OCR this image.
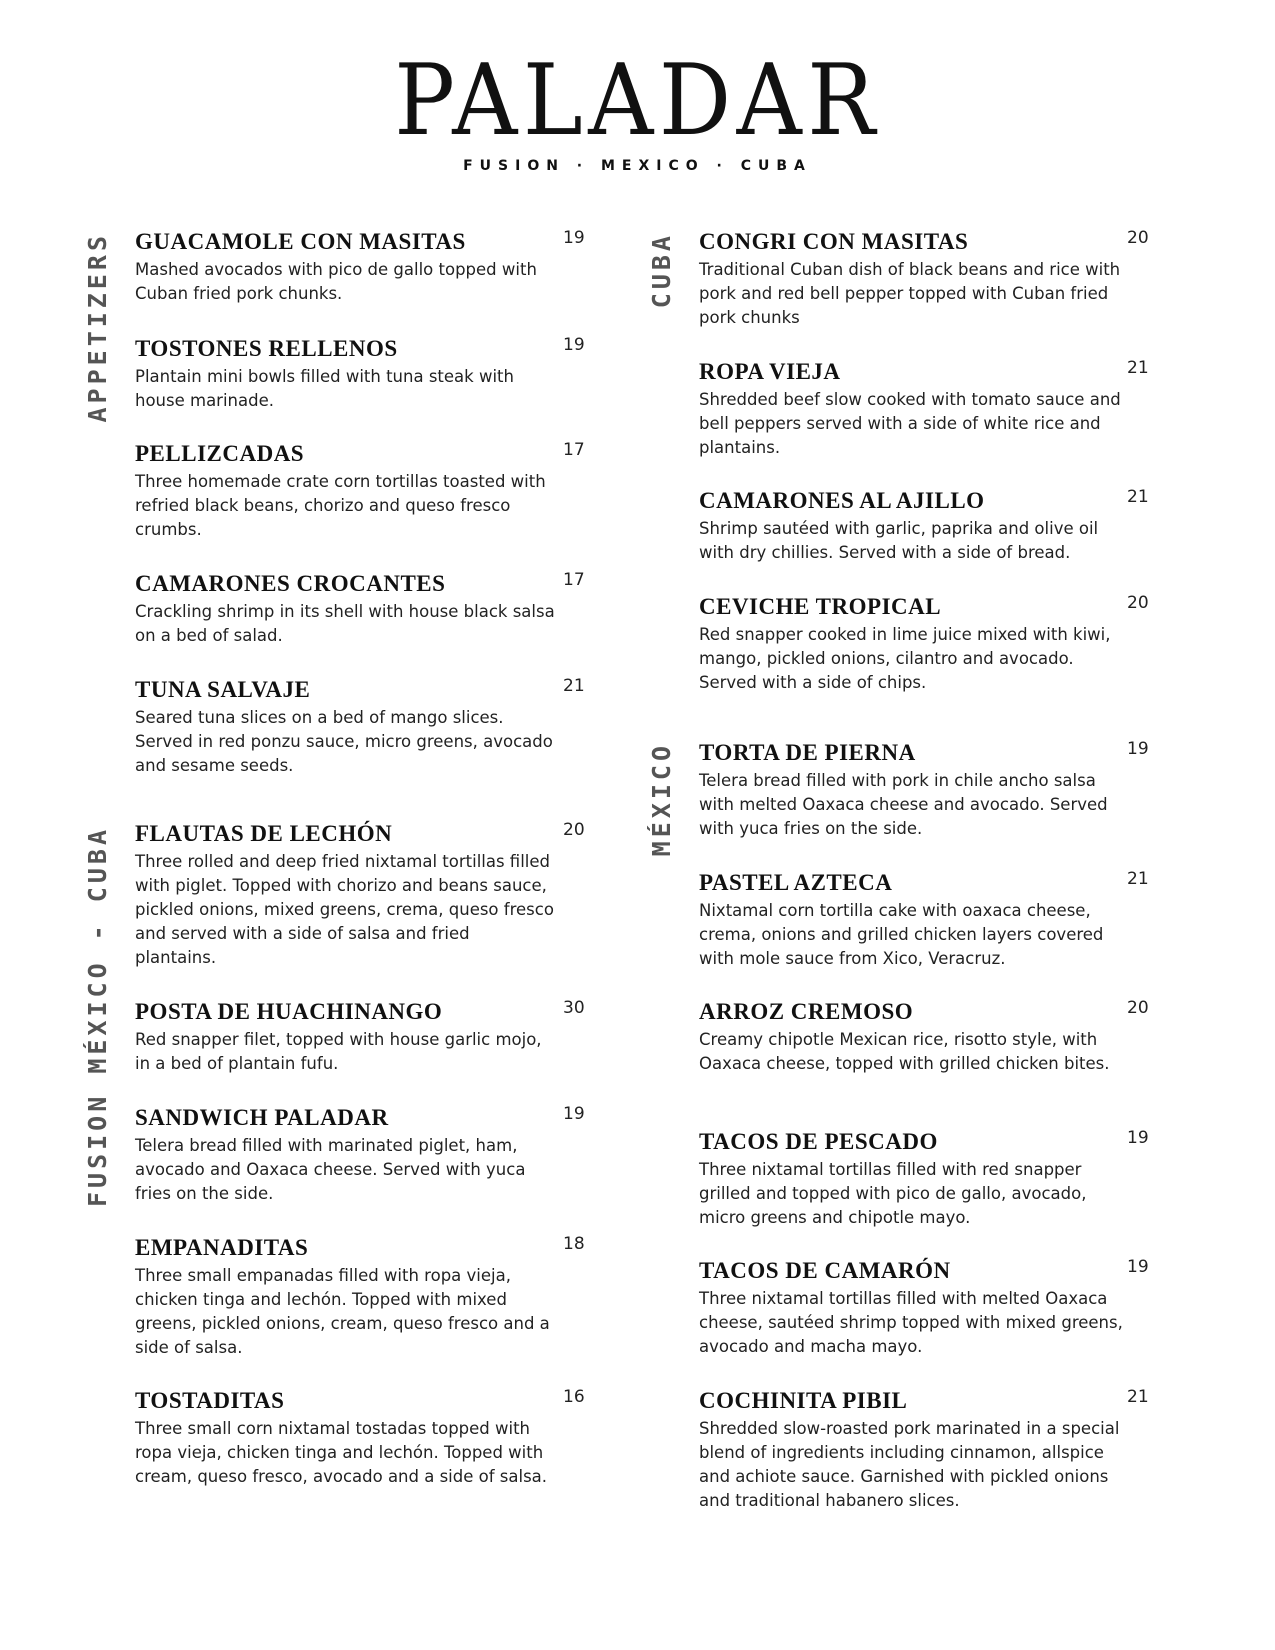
PALADAR
FUSION · MEXICO · CUBA
APPETIZERS
FUSION MÉXICO - CUBA
CUBA
MÉXICO
GUACAMOLE CON MASITAS
Mashed avocados with pico de gallo topped with Cuban fried pork chunks.
19
TOSTONES RELLENOS
Plantain mini bowls filled with tuna steak with house marinade.
19
PELLIZCADAS
Three homemade crate corn tortillas toasted with refried black beans, chorizo and queso fresco crumbs.
17
CAMARONES CROCANTES
Crackling shrimp in its shell with house black salsa on a bed of salad.
17
TUNA SALVAJE
Seared tuna slices on a bed of mango slices. Served in red ponzu sauce, micro greens, avocado and sesame seeds.
21
FLAUTAS DE LECHÓN
Three rolled and deep fried nixtamal tortillas filled with piglet. Topped with chorizo and beans sauce, pickled onions, mixed greens, crema, queso fresco and served with a side of salsa and fried plantains.
20
POSTA DE HUACHINANGO
Red snapper filet, topped with house garlic mojo, in a bed of plantain fufu.
30
SANDWICH PALADAR
Telera bread filled with marinated piglet, ham, avocado and Oaxaca cheese. Served with yuca fries on the side.
19
EMPANADITAS
Three small empanadas filled with ropa vieja, chicken tinga and lechón. Topped with mixed greens, pickled onions, cream, queso fresco and a side of salsa.
18
TOSTADITAS
Three small corn nixtamal tostadas topped with ropa vieja, chicken tinga and lechón. Topped with cream, queso fresco, avocado and a side of salsa.
16
CONGRI CON MASITAS
Traditional Cuban dish of black beans and rice with pork and red bell pepper topped with Cuban fried pork chunks
20
ROPA VIEJA
Shredded beef slow cooked with tomato sauce and bell peppers served with a side of white rice and plantains.
21
CAMARONES AL AJILLO
Shrimp sautéed with garlic, paprika and olive oil with dry chillies. Served with a side of bread.
21
CEVICHE TROPICAL
Red snapper cooked in lime juice mixed with kiwi, mango, pickled onions, cilantro and avocado. Served with a side of chips.
20
TORTA DE PIERNA
Telera bread filled with pork in chile ancho salsa with melted Oaxaca cheese and avocado. Served with yuca fries on the side.
19
PASTEL AZTECA
Nixtamal corn tortilla cake with oaxaca cheese, crema, onions and grilled chicken layers covered with mole sauce from Xico, Veracruz.
21
ARROZ CREMOSO
Creamy chipotle Mexican rice, risotto style, with Oaxaca cheese, topped with grilled chicken bites.
20
TACOS DE PESCADO
Three nixtamal tortillas filled with red snapper grilled and topped with pico de gallo, avocado, micro greens and chipotle mayo.
19
TACOS DE CAMARÓN
Three nixtamal tortillas filled with melted Oaxaca cheese, sautéed shrimp topped with mixed greens, avocado and macha mayo.
19
COCHINITA PIBIL
Shredded slow-roasted pork marinated in a special blend of ingredients including cinnamon, allspice and achiote sauce. Garnished with pickled onions and traditional habanero slices.
21
